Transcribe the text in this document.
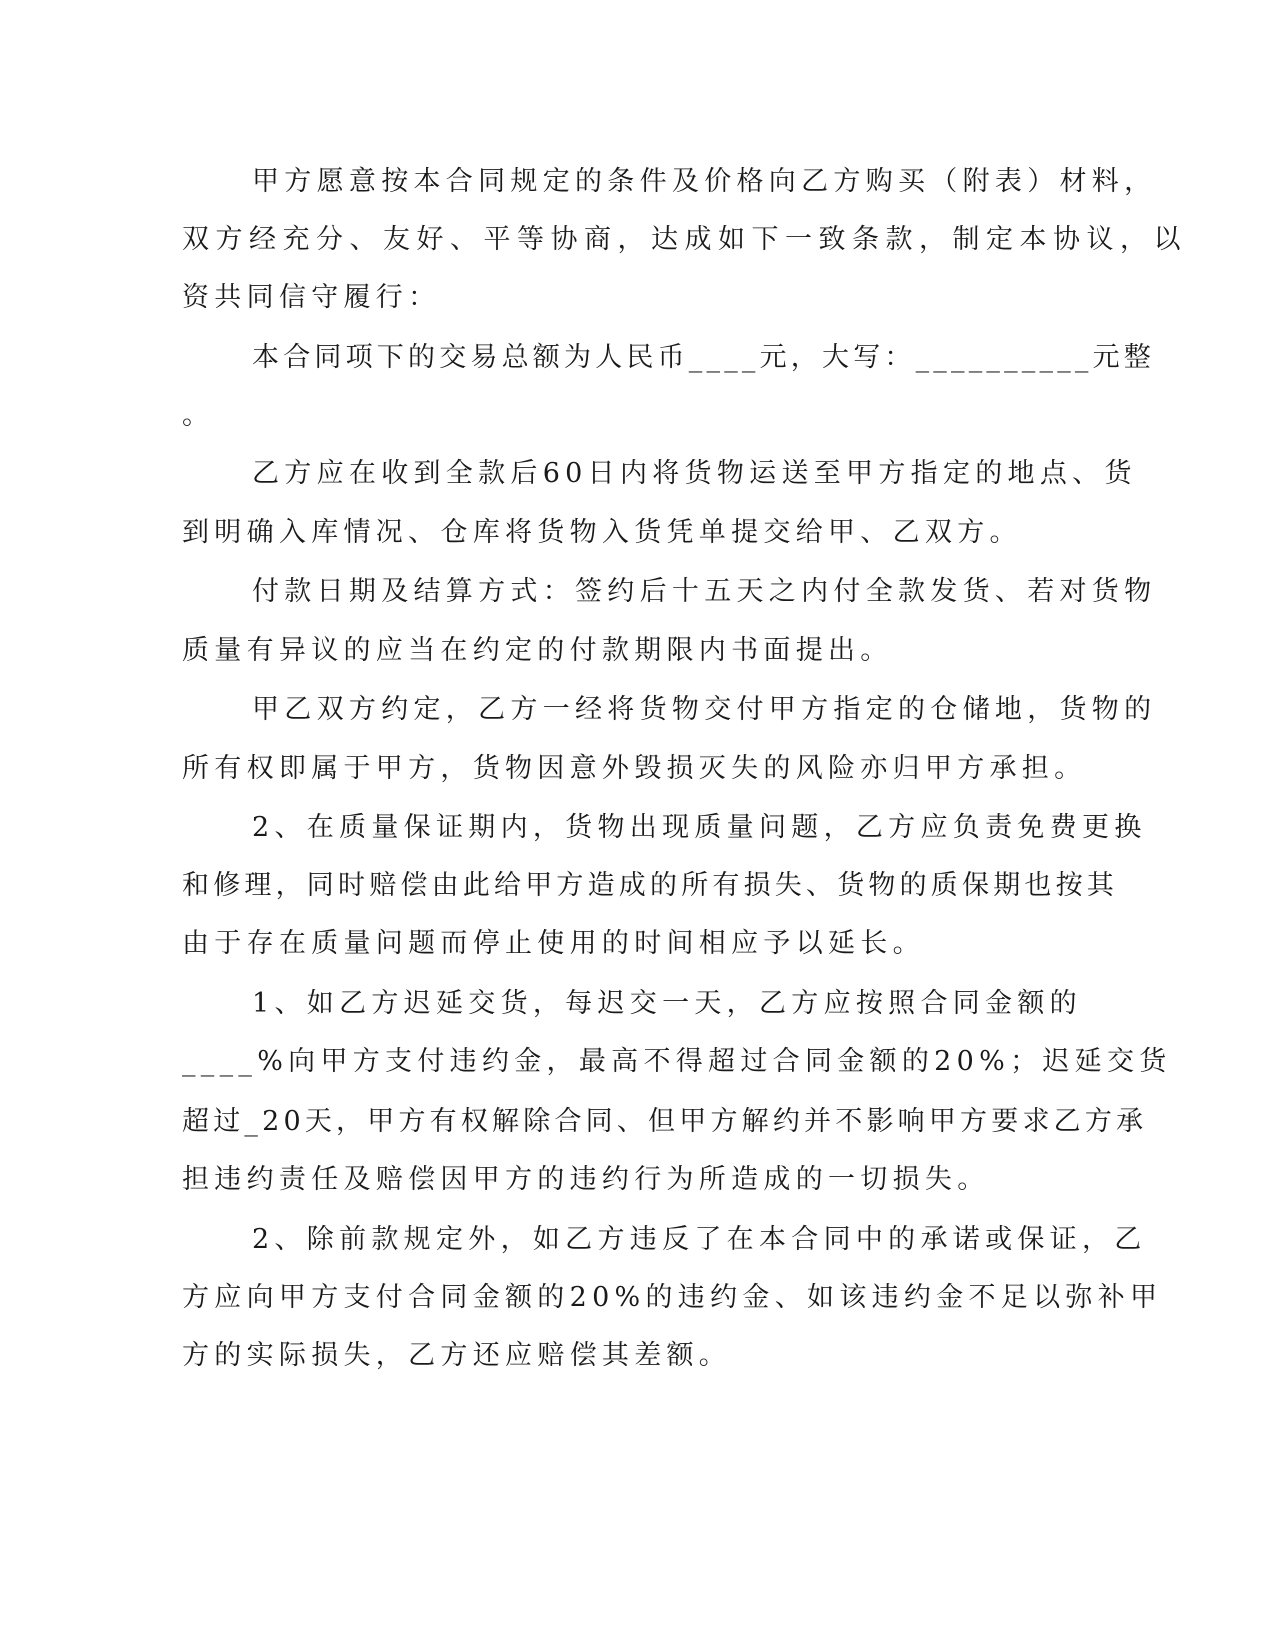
甲方愿意按本合同规定的条件及价格向乙方购买（附表）材料，
双方经充分、友好、平等协商，达成如下一致条款，制定本协议，以
资共同信守履行：
本合同项下的交易总额为人民币____元，大写：__________元整
。
乙方应在收到全款后60日内将货物运送至甲方指定的地点、货
到明确入库情况、仓库将货物入货凭单提交给甲、乙双方。
付款日期及结算方式：签约后十五天之内付全款发货、若对货物
质量有异议的应当在约定的付款期限内书面提出。
甲乙双方约定，乙方一经将货物交付甲方指定的仓储地，货物的
所有权即属于甲方，货物因意外毁损灭失的风险亦归甲方承担。
2、在质量保证期内，货物出现质量问题，乙方应负责免费更换
和修理，同时赔偿由此给甲方造成的所有损失、货物的质保期也按其
由于存在质量问题而停止使用的时间相应予以延长。
1、如乙方迟延交货，每迟交一天，乙方应按照合同金额的
____%向甲方支付违约金，最高不得超过合同金额的20%；迟延交货
超过_20天，甲方有权解除合同、但甲方解约并不影响甲方要求乙方承
担违约责任及赔偿因甲方的违约行为所造成的一切损失。
2、除前款规定外，如乙方违反了在本合同中的承诺或保证，乙
方应向甲方支付合同金额的20%的违约金、如该违约金不足以弥补甲
方的实际损失，乙方还应赔偿其差额。
